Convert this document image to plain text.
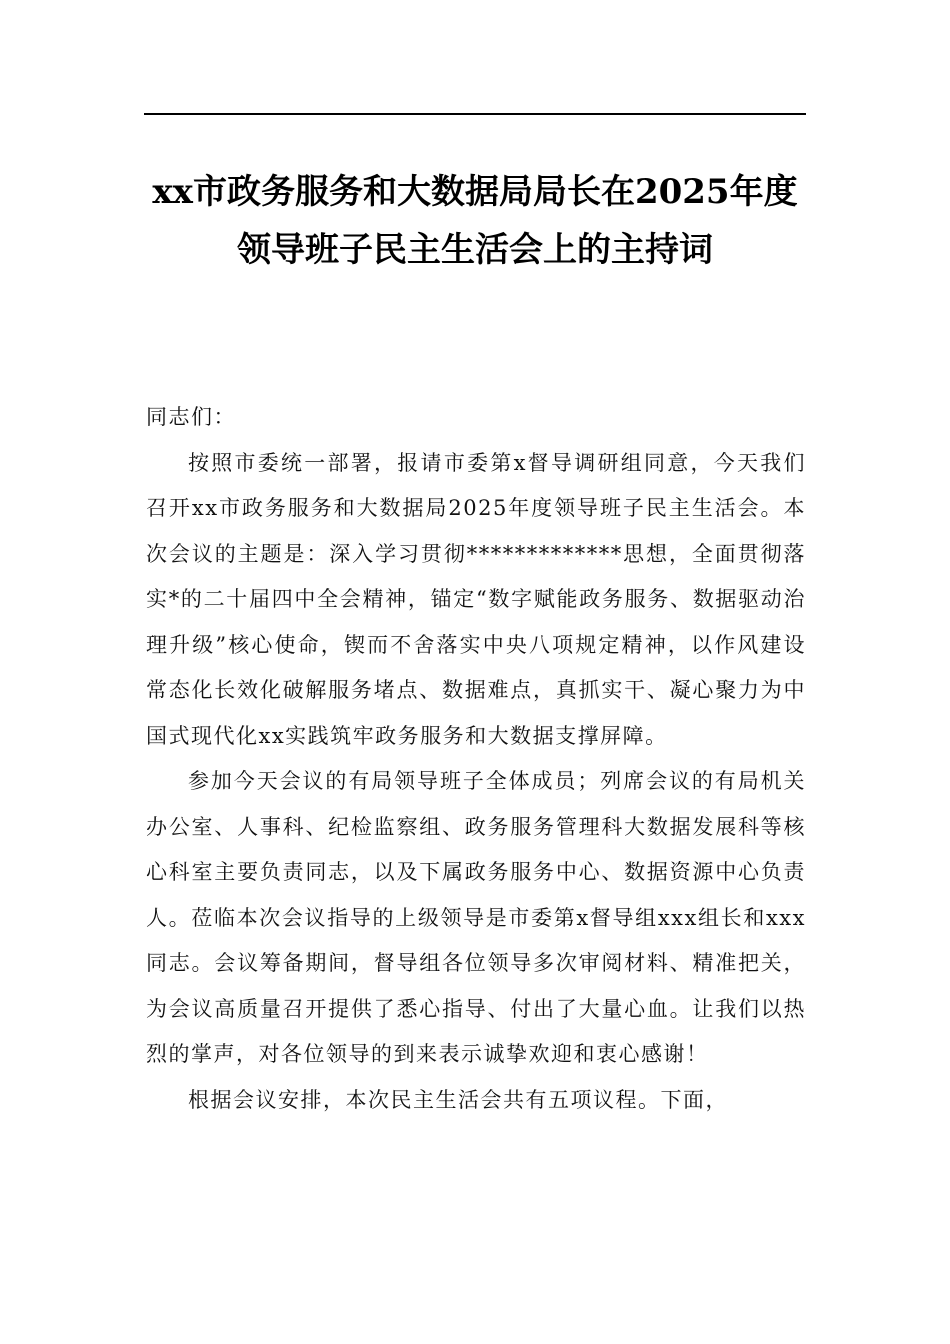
xx市政务服务和大数据局局长在2025年度
领导班子民主生活会上的主持词

同志们：

按照市委统一部署，报请市委第x督导调研组同意，今天我们召开xx市政务服务和大数据局2025年度领导班子民主生活会。本次会议的主题是：深入学习贯彻*************思想，全面贯彻落实*的二十届四中全会精神，锚定“数字赋能政务服务、数据驱动治理升级”核心使命，锲而不舍落实中央八项规定精神，以作风建设常态化长效化破解服务堵点、数据难点，真抓实干、凝心聚力为中国式现代化xx实践筑牢政务服务和大数据支撑屏障。

参加今天会议的有局领导班子全体成员；列席会议的有局机关办公室、人事科、纪检监察组、政务服务管理科大数据发展科等核心科室主要负责同志，以及下属政务服务中心、数据资源中心负责人。莅临本次会议指导的上级领导是市委第x督导组xxx组长和xxx同志。会议筹备期间，督导组各位领导多次审阅材料、精准把关，为会议高质量召开提供了悉心指导、付出了大量心血。让我们以热烈的掌声，对各位领导的到来表示诚挚欢迎和衷心感谢！

根据会议安排，本次民主生活会共有五项议程。下面，
